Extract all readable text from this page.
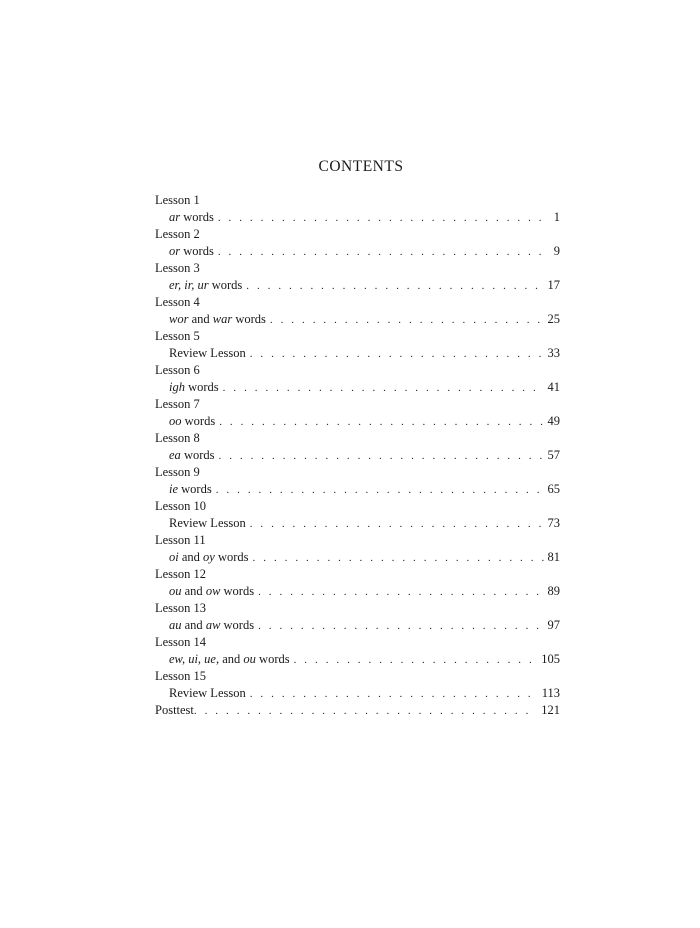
CONTENTS
Lesson 1
ar words . . .	1
Lesson 2
or words . . .	9
Lesson 3
er, ir, ur words . . .	17
Lesson 4
wor and war words . . .	25
Lesson 5
Review Lesson . . .	33
Lesson 6
igh words . . .	41
Lesson 7
oo words . . .	49
Lesson 8
ea words . . .	57
Lesson 9
ie words . . .	65
Lesson 10
Review Lesson . . .	73
Lesson 11
oi and oy words . . .	81
Lesson 12
ou and ow words . . .	89
Lesson 13
au and aw words . . .	97
Lesson 14
ew, ui, ue, and ou words . . .	105
Lesson 15
Review Lesson . . .	113
Posttest . . .	121
